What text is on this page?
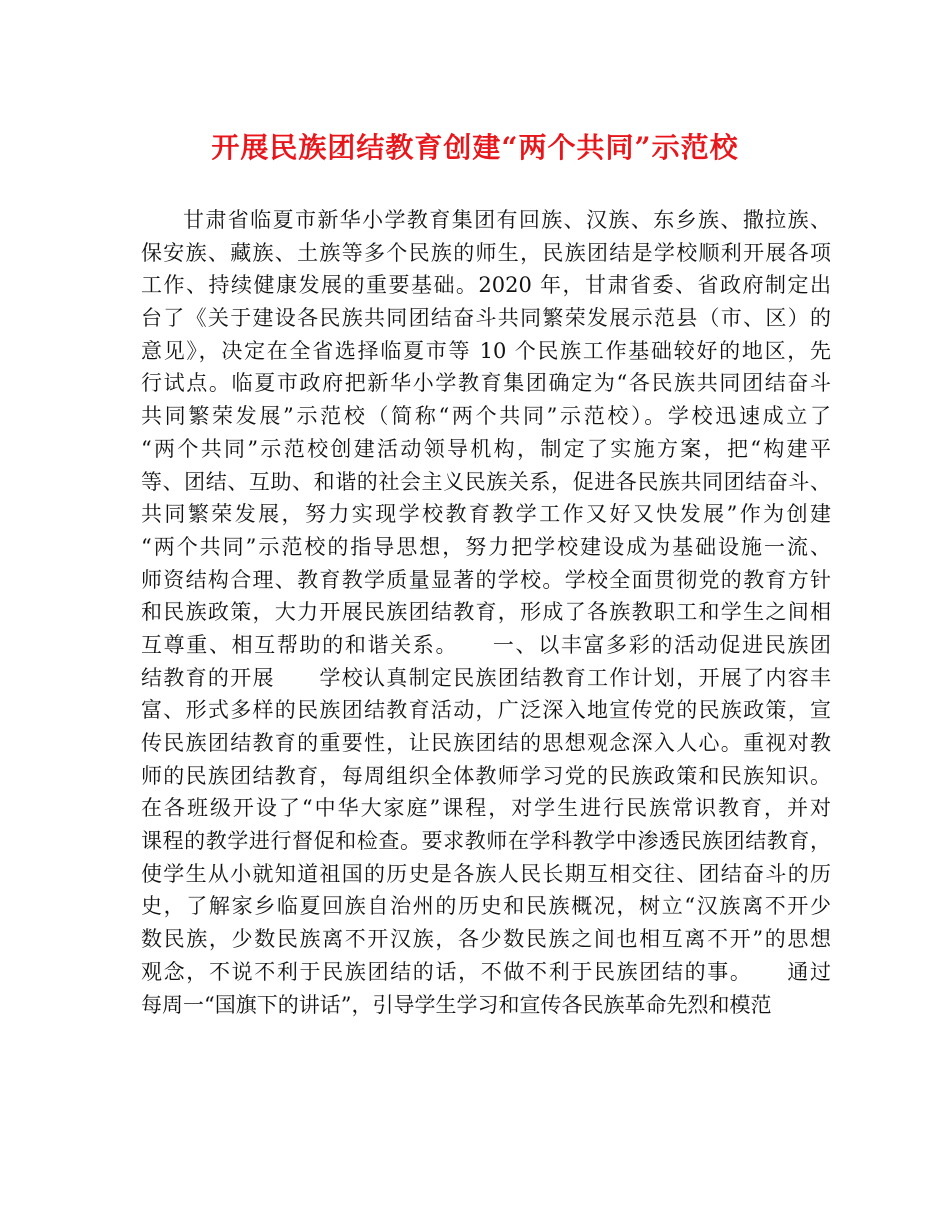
开展民族团结教育创建“两个共同”示范校
甘肃省临夏市新华小学教育集团有回族、汉族、东乡族、撒拉族、
保安族、藏族、土族等多个民族的师生，民族团结是学校顺利开展各项
工作、持续健康发展的重要基础。2020 年，甘肃省委、省政府制定出
台了《关于建设各民族共同团结奋斗共同繁荣发展示范县（市、区）的
意见》，决定在全省选择临夏市等 10 个民族工作基础较好的地区，先
行试点。临夏市政府把新华小学教育集团确定为“各民族共同团结奋斗
共同繁荣发展”示范校（简称“两个共同”示范校）。学校迅速成立了
“两个共同”示范校创建活动领导机构，制定了实施方案，把“构建平
等、团结、互助、和谐的社会主义民族关系，促进各民族共同团结奋斗、
共同繁荣发展，努力实现学校教育教学工作又好又快发展”作为创建
“两个共同”示范校的指导思想，努力把学校建设成为基础设施一流、
师资结构合理、教育教学质量显著的学校。学校全面贯彻党的教育方针
和民族政策，大力开展民族团结教育，形成了各族教职工和学生之间相
互尊重、相互帮助的和谐关系。　　一、以丰富多彩的活动促进民族团
结教育的开展　　学校认真制定民族团结教育工作计划，开展了内容丰
富、形式多样的民族团结教育活动，广泛深入地宣传党的民族政策，宣
传民族团结教育的重要性，让民族团结的思想观念深入人心。重视对教
师的民族团结教育，每周组织全体教师学习党的民族政策和民族知识。
在各班级开设了“中华大家庭”课程，对学生进行民族常识教育，并对
课程的教学进行督促和检查。要求教师在学科教学中渗透民族团结教育，
使学生从小就知道祖国的历史是各族人民长期互相交往、团结奋斗的历
史，了解家乡临夏回族自治州的历史和民族概况，树立“汉族离不开少
数民族，少数民族离不开汉族，各少数民族之间也相互离不开”的思想
观念，不说不利于民族团结的话，不做不利于民族团结的事。　　通过
每周一“国旗下的讲话”，引导学生学习和宣传各民族革命先烈和模范
